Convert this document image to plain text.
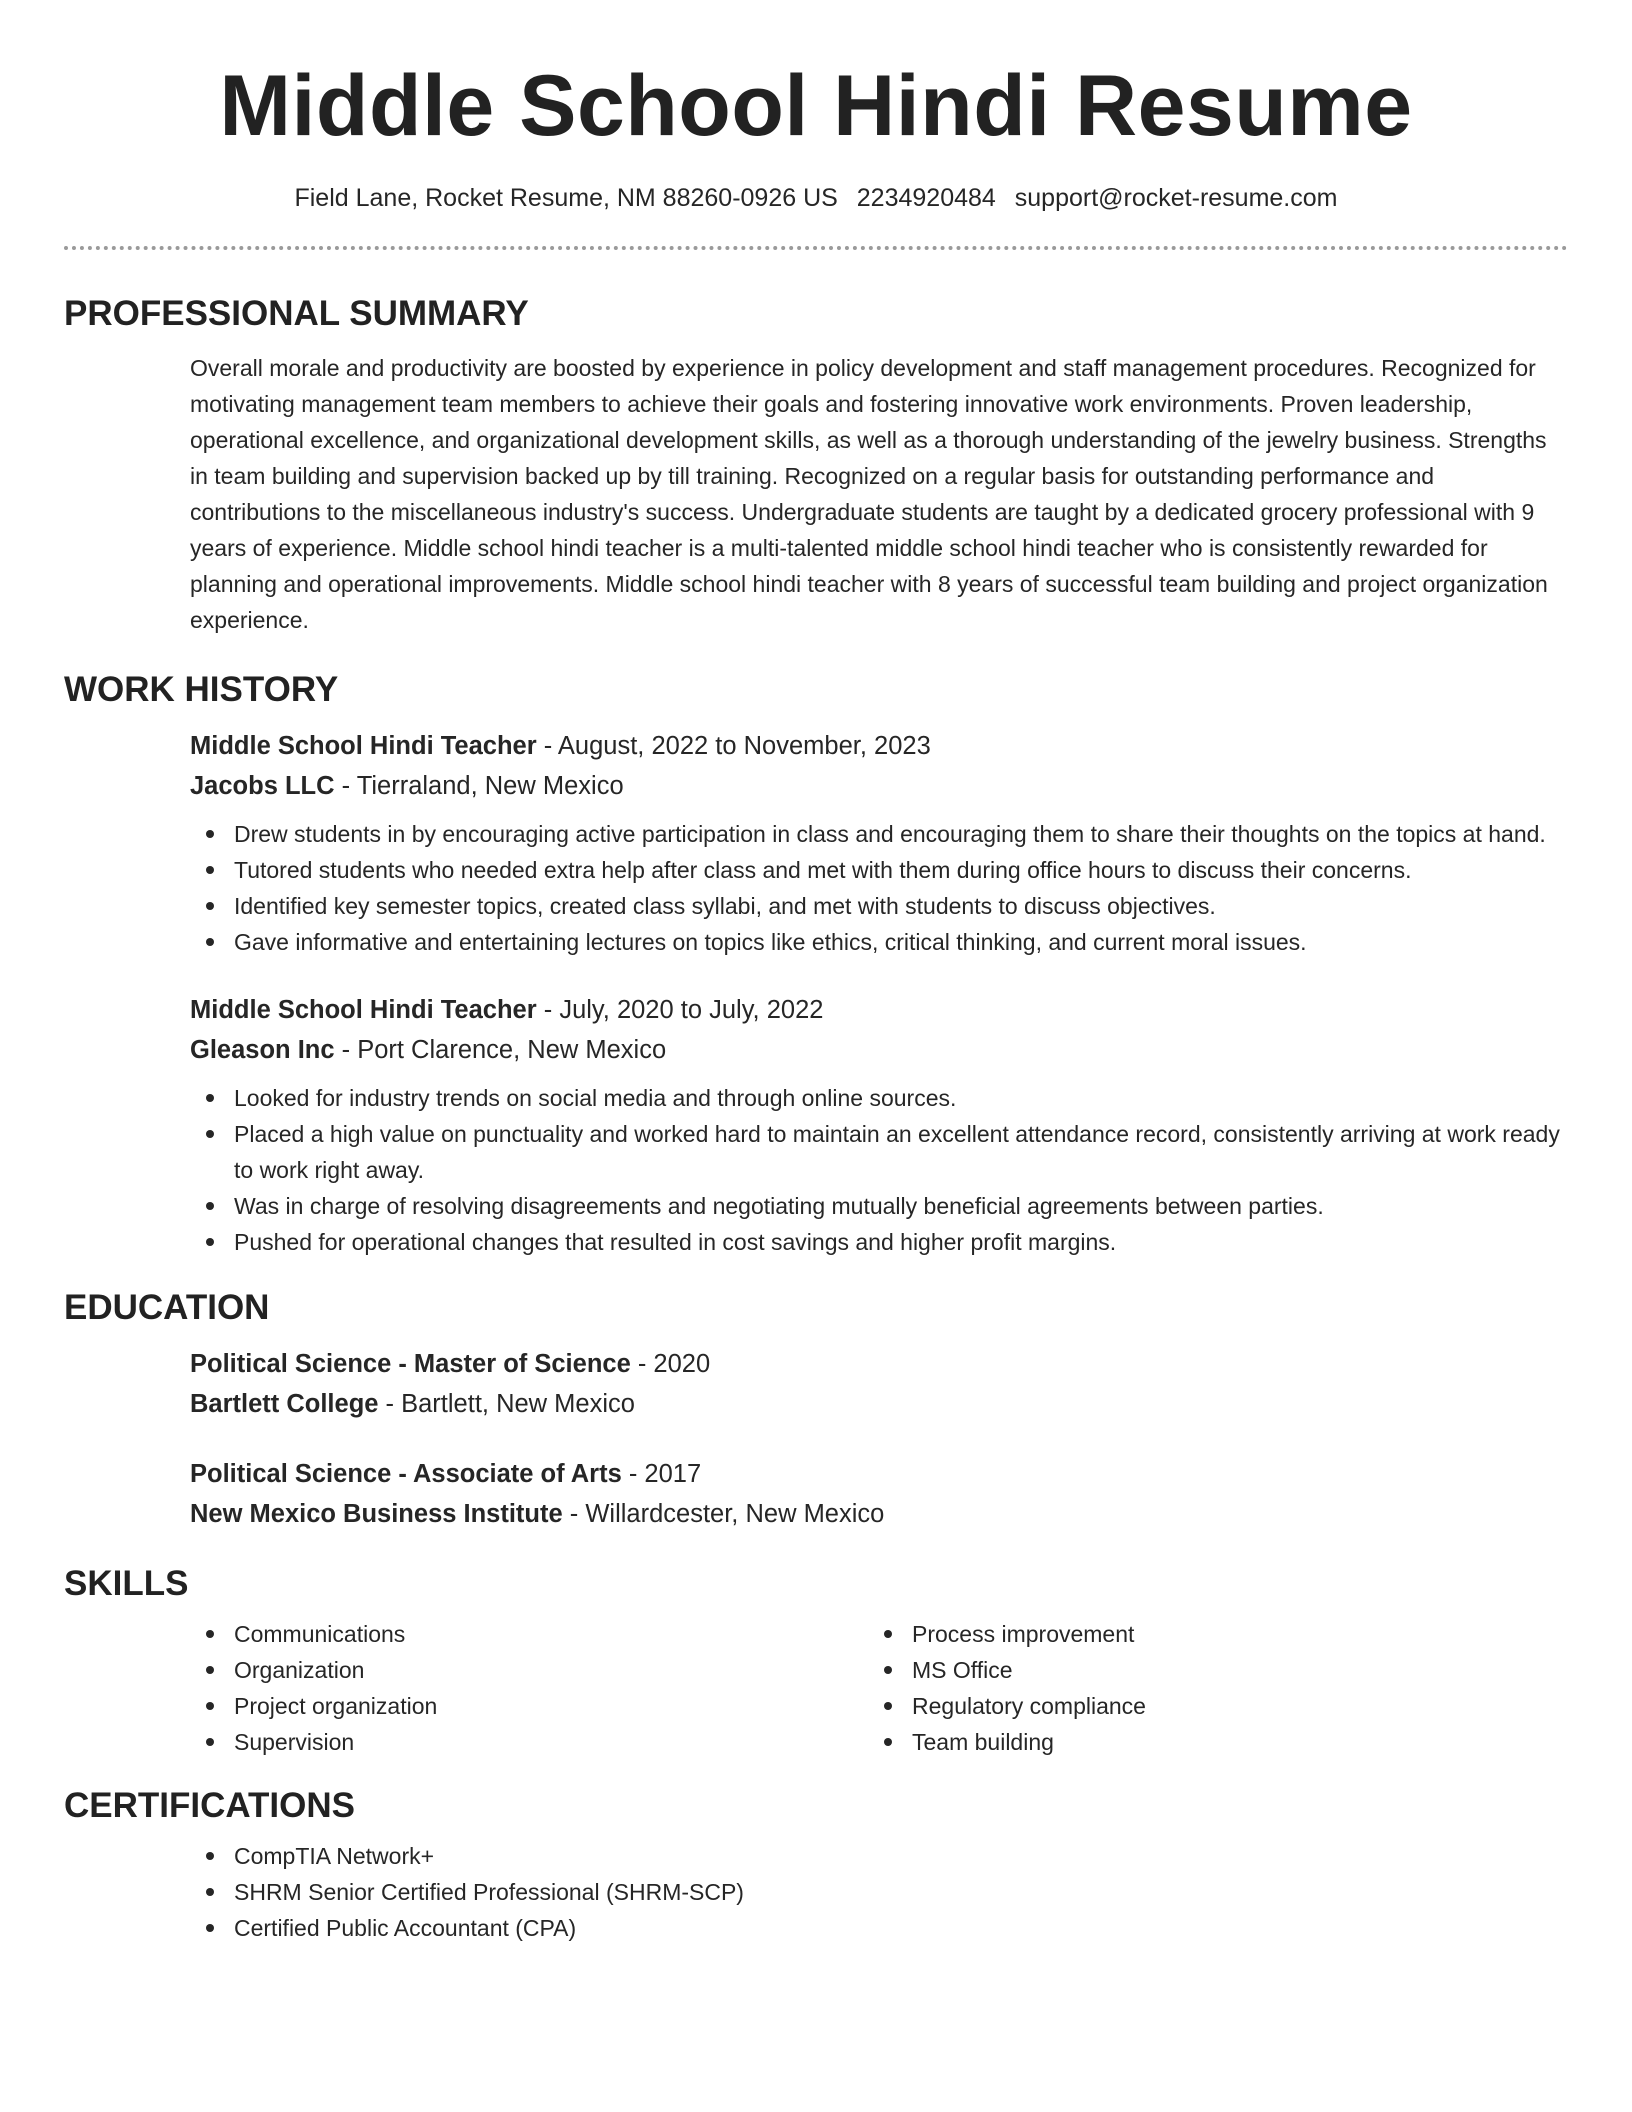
Middle School Hindi Resume
Field Lane, Rocket Resume, NM 88260-0926 US 2234920484 support@rocket-resume.com
PROFESSIONAL SUMMARY
Overall morale and productivity are boosted by experience in policy development and staff management procedures. Recognized for motivating management team members to achieve their goals and fostering innovative work environments. Proven leadership, operational excellence, and organizational development skills, as well as a thorough understanding of the jewelry business. Strengths in team building and supervision backed up by till training. Recognized on a regular basis for outstanding performance and contributions to the miscellaneous industry's success. Undergraduate students are taught by a dedicated grocery professional with 9 years of experience. Middle school hindi teacher is a multi-talented middle school hindi teacher who is consistently rewarded for planning and operational improvements. Middle school hindi teacher with 8 years of successful team building and project organization experience.
WORK HISTORY
Middle School Hindi Teacher - August, 2022 to November, 2023
Jacobs LLC - Tierraland, New Mexico
Drew students in by encouraging active participation in class and encouraging them to share their thoughts on the topics at hand.
Tutored students who needed extra help after class and met with them during office hours to discuss their concerns.
Identified key semester topics, created class syllabi, and met with students to discuss objectives.
Gave informative and entertaining lectures on topics like ethics, critical thinking, and current moral issues.
Middle School Hindi Teacher - July, 2020 to July, 2022
Gleason Inc - Port Clarence, New Mexico
Looked for industry trends on social media and through online sources.
Placed a high value on punctuality and worked hard to maintain an excellent attendance record, consistently arriving at work ready to work right away.
Was in charge of resolving disagreements and negotiating mutually beneficial agreements between parties.
Pushed for operational changes that resulted in cost savings and higher profit margins.
EDUCATION
Political Science - Master of Science - 2020
Bartlett College - Bartlett, New Mexico
Political Science - Associate of Arts - 2017
New Mexico Business Institute - Willardcester, New Mexico
SKILLS
Communications
Organization
Project organization
Supervision
Process improvement
MS Office
Regulatory compliance
Team building
CERTIFICATIONS
CompTIA Network+
SHRM Senior Certified Professional (SHRM-SCP)
Certified Public Accountant (CPA)
